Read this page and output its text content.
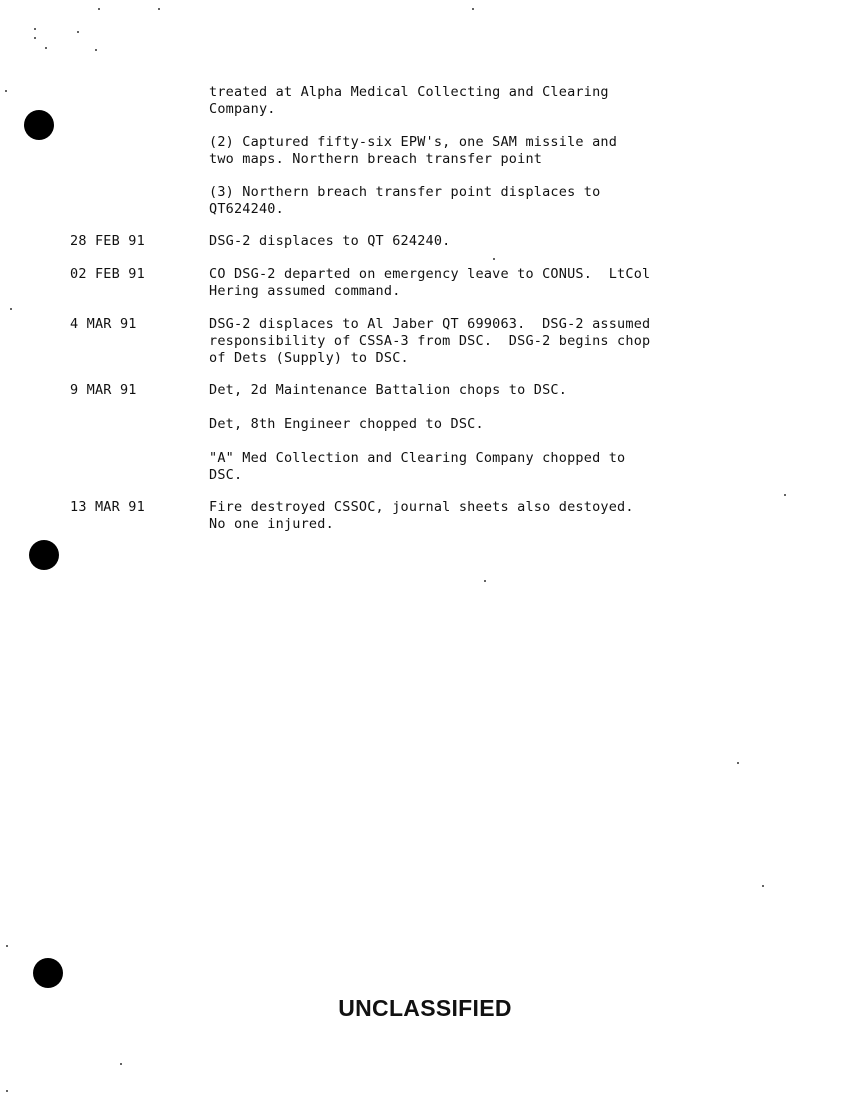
treated at Alpha Medical Collecting and Clearing
Company.
(2) Captured fifty-six EPW's, one SAM missile and
two maps. Northern breach transfer point
(3) Northern breach transfer point displaces to
QT624240.
28 FEB 91	DSG-2 displaces to QT 624240.
02 FEB 91	CO DSG-2 departed on emergency leave to CONUS.  LtCol
Hering assumed command.
4 MAR 91	DSG-2 displaces to Al Jaber QT 699063.  DSG-2 assumed
responsibility of CSSA-3 from DSC.  DSG-2 begins chop
of Dets (Supply) to DSC.
9 MAR 91	Det, 2d Maintenance Battalion chops to DSC.
Det, 8th Engineer chopped to DSC.
"A" Med Collection and Clearing Company chopped to
DSC.
13 MAR 91	Fire destroyed CSSOC, journal sheets also destoyed.
No one injured.
UNCLASSIFIED
